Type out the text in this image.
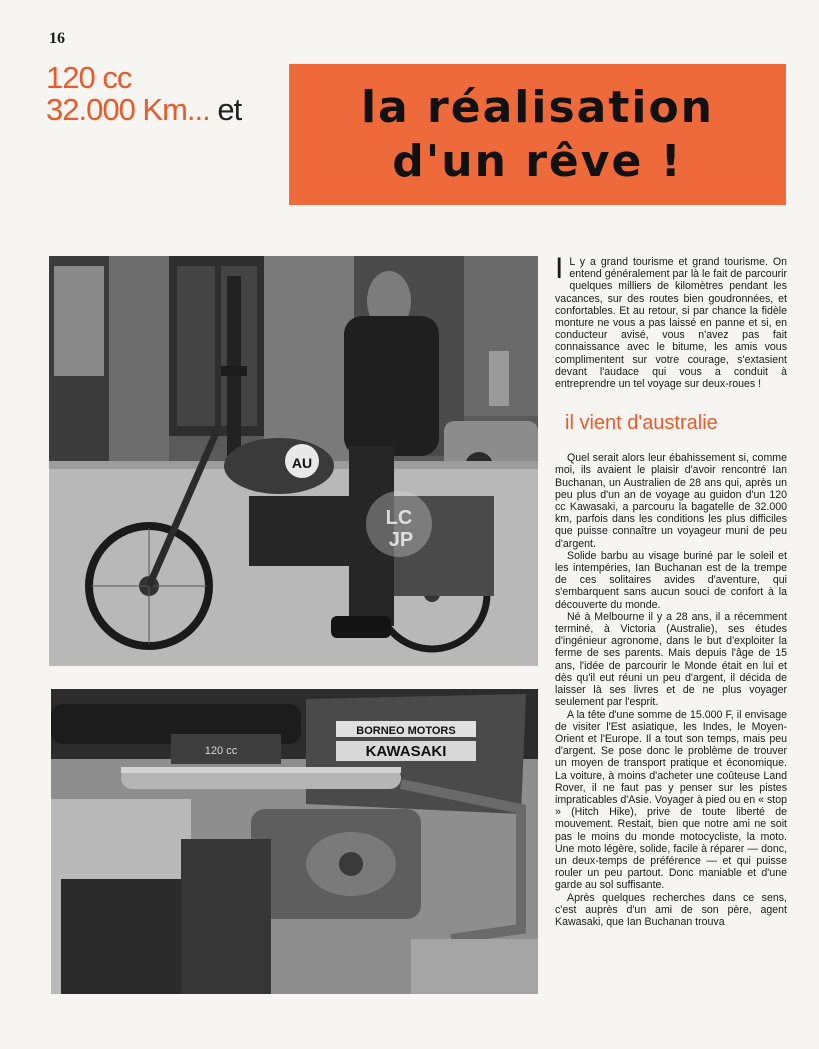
16
120 cc
32.000 Km... et	la réalisation
d'un rêve !
LC
JP
AU
BORNEO MOTORS
KAWASAKI
120 cc

I L y a grand tourisme et grand tourisme. On entend généralement par là le fait de parcourir quelques milliers de kilomètres pendant les vacances, sur des routes bien goudronnées, et confortables. Et au retour, si par chance la fidèle monture ne vous a pas laissé en panne et si, en conducteur avisé, vous n'avez pas fait connaissance avec le bitume, les amis vous complimentent sur votre courage, s'extasient devant l'audace qui vous a conduit à entreprendre un tel voyage sur deux-roues !

il vient d'australie

Quel serait alors leur ébahissement si, comme moi, ils avaient le plaisir d'avoir rencontré Ian Buchanan, un Australien de 28 ans qui, après un peu plus d'un an de voyage au guidon d'un 120 cc Kawasaki, a parcouru la bagatelle de 32.000 km, parfois dans les conditions les plus difficiles que puisse connaître un voyageur muni de peu d'argent.

Solide barbu au visage buriné par le soleil et les intempéries, Ian Buchanan est de la trempe de ces solitaires avides d'aventure, qui s'embarquent sans aucun souci de confort à la découverte du monde.

Né à Melbourne il y a 28 ans, il a récemment terminé, à Victoria (Australie), ses études d'ingénieur agronome, dans le but d'exploiter la ferme de ses parents. Mais depuis l'âge de 15 ans, l'idée de parcourir le Monde était en lui et dès qu'il eut réuni un peu d'argent, il décida de laisser là ses livres et de ne plus voyager seulement par l'esprit.

A la tête d'une somme de 15.000 F, il envisage de visiter l'Est asiatique, les Indes, le Moyen-Orient et l'Europe. Il a tout son temps, mais peu d'argent. Se pose donc le problème de trouver un moyen de transport pratique et économique. La voiture, à moins d'acheter une coûteuse Land Rover, il ne faut pas y penser sur les pistes impraticables d'Asie. Voyager à pied ou en « stop » (Hitch Hike), prive de toute liberté de mouvement. Restait, bien que notre ami ne soit pas le moins du monde motocycliste, la moto. Une moto légère, solide, facile à réparer — donc, un deux-temps de préférence — et qui puisse rouler un peu partout. Donc maniable et d'une garde au sol suffisante.

Après quelques recherches dans ce sens, c'est auprès d'un ami de son père, agent Kawasaki, que Ian Buchanan trouva
